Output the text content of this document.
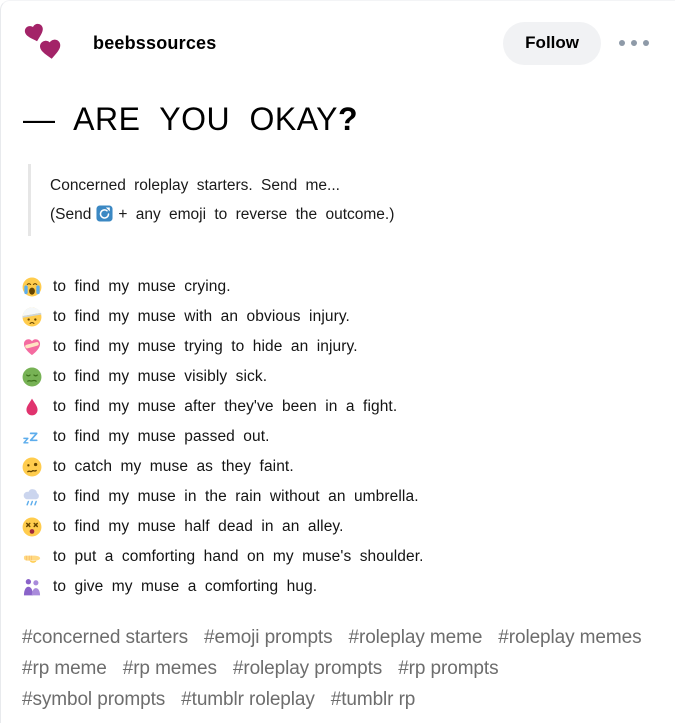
beebssources	Follow
— ARE YOU OKAY?

Concerned roleplay starters. Send me...

(Send + any emoji to reverse the outcome.)

to find my muse crying.
to find my muse with an obvious injury.
to find my muse trying to hide an injury.
to find my muse visibly sick.
to find my muse after they've been in a fight.
to find my muse passed out.
to catch my muse as they faint.
to find my muse in the rain without an umbrella.
to find my muse half dead in an alley.
to put a comforting hand on my muse's shoulder.
to give my muse a comforting hug.
#concerned starters #emoji prompts #roleplay meme #roleplay memes
#rp meme #rp memes #roleplay prompts #rp prompts
#symbol prompts #tumblr roleplay #tumblr rp
